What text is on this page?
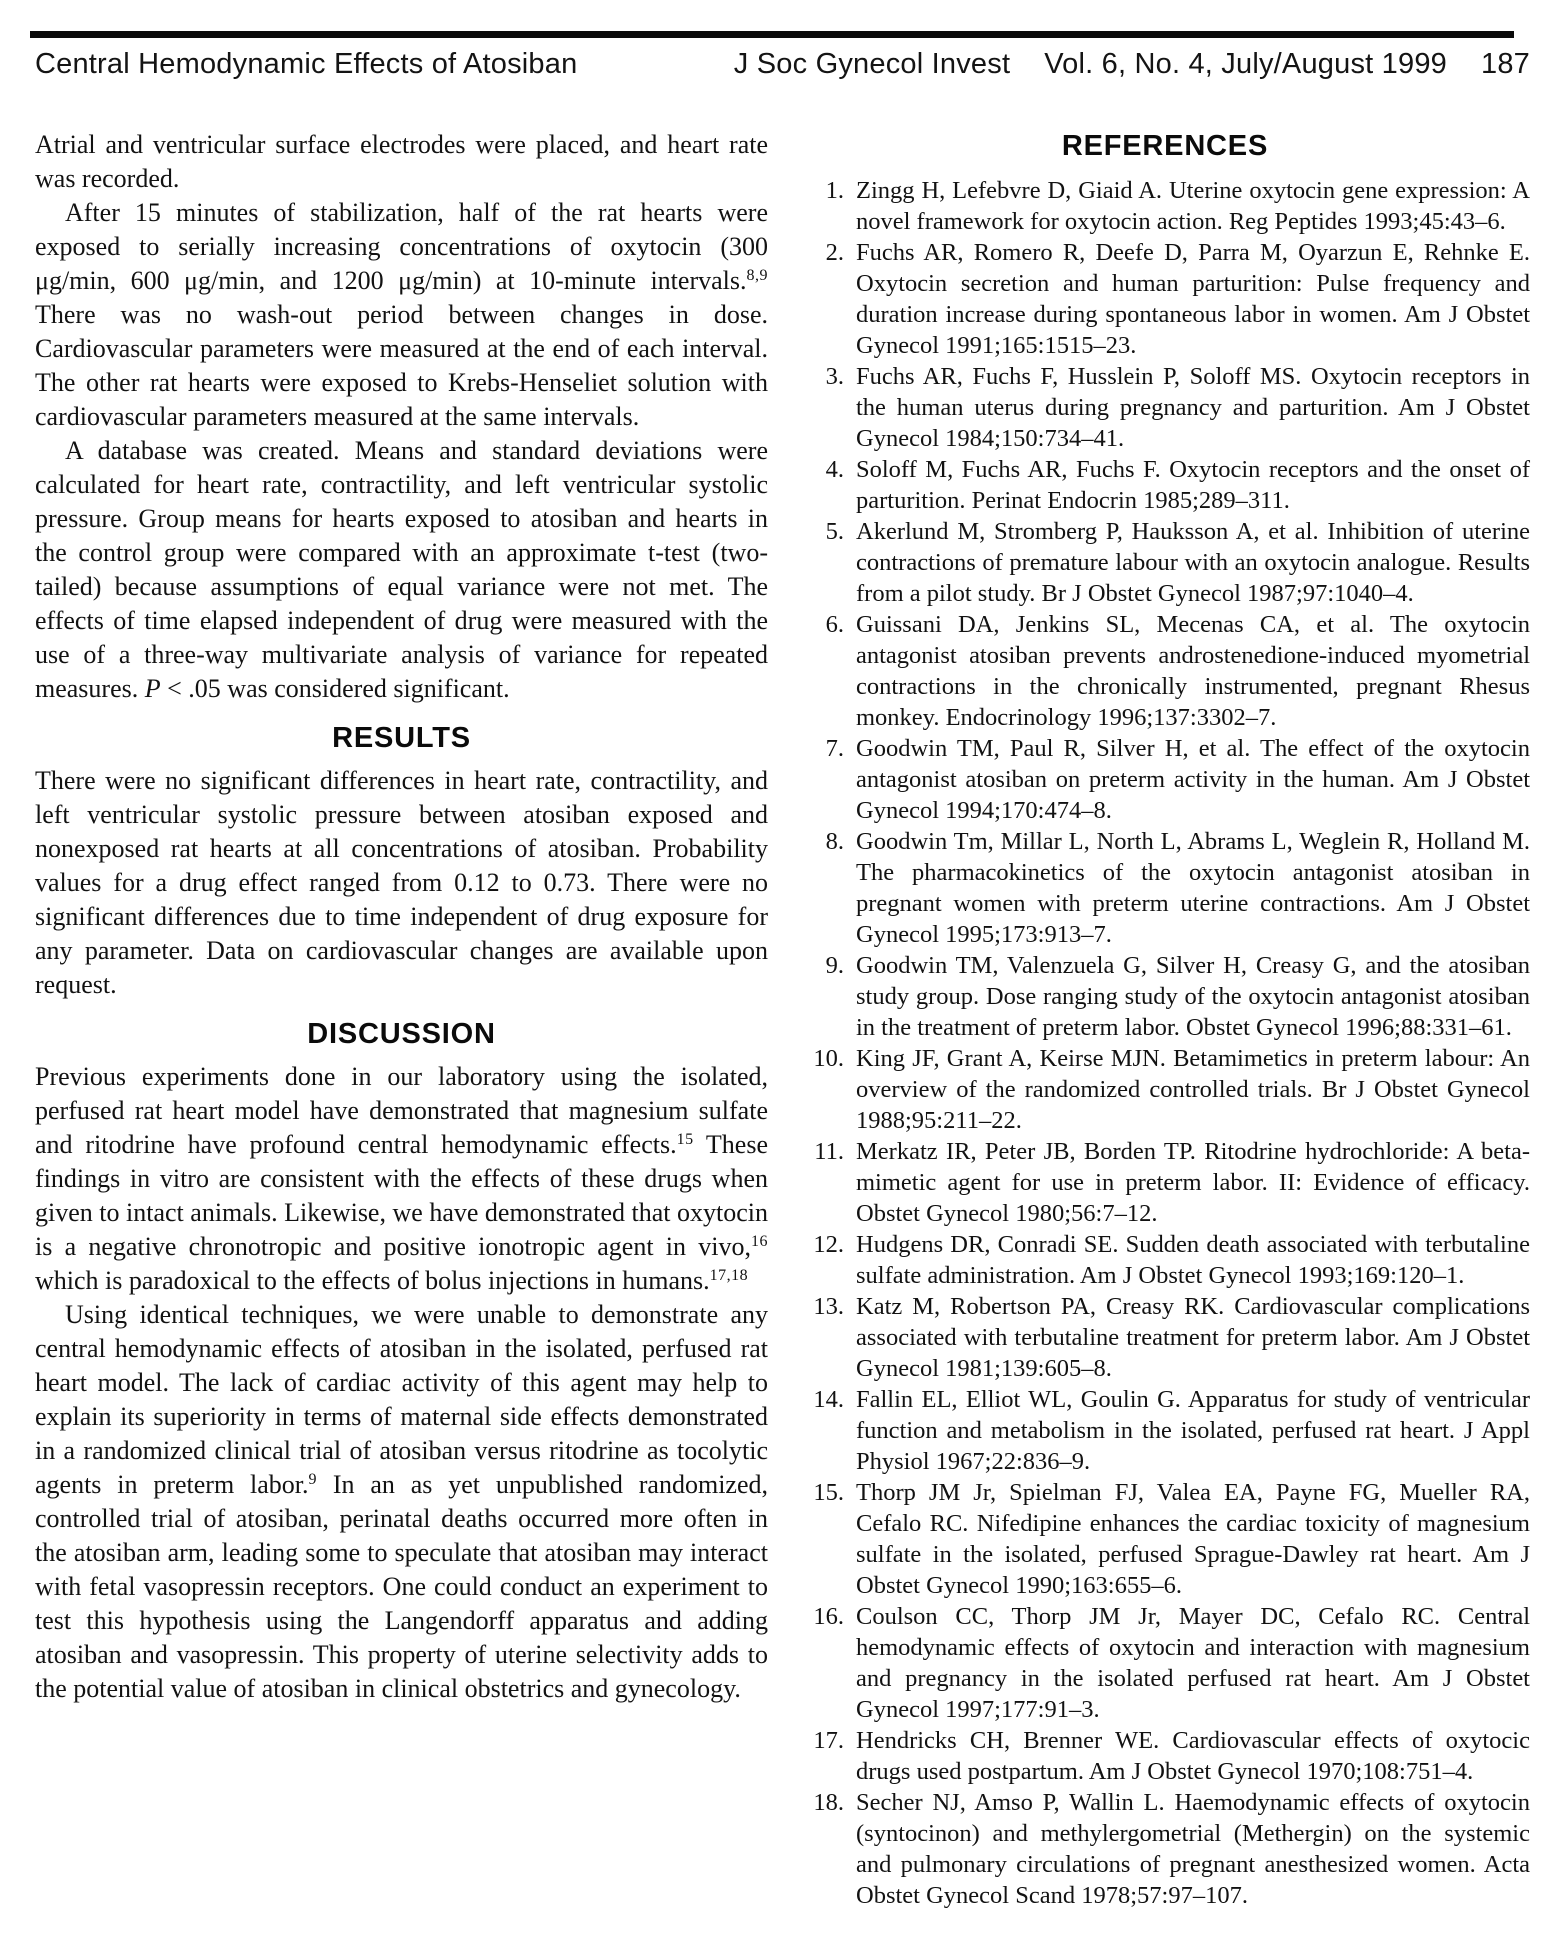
Central Hemodynamic Effects of Atosiban	J Soc Gynecol Invest Vol. 6, No. 4, July/August 1999 187

Atrial and ventricular surface electrodes were placed, and heart rate was recorded.

After 15 minutes of stabilization, half of the rat hearts were exposed to serially increasing concentrations of oxytocin (300 μg/min, 600 μg/min, and 1200 μg/min) at 10-minute intervals.$^{8,9}$ There was no wash-out period between changes in dose. Cardiovascular parameters were measured at the end of each interval. The other rat hearts were exposed to Krebs-Henseliet solution with cardiovascular parameters measured at the same intervals.

A database was created. Means and standard deviations were calculated for heart rate, contractility, and left ventricular systolic pressure. Group means for hearts exposed to atosiban and hearts in the control group were compared with an approximate t-test (two-tailed) because assumptions of equal variance were not met. The effects of time elapsed independent of drug were measured with the use of a three-way multivariate analysis of variance for repeated measures. P < .05 was considered significant.

RESULTS

There were no significant differences in heart rate, contractility, and left ventricular systolic pressure between atosiban exposed and nonexposed rat hearts at all concentrations of atosiban. Probability values for a drug effect ranged from 0.12 to 0.73. There were no significant differences due to time independent of drug exposure for any parameter. Data on cardiovascular changes are available upon request.

DISCUSSION

Previous experiments done in our laboratory using the isolated, perfused rat heart model have demonstrated that magnesium sulfate and ritodrine have profound central hemodynamic effects.$^{15}$ These findings in vitro are consistent with the effects of these drugs when given to intact animals. Likewise, we have demonstrated that oxytocin is a negative chronotropic and positive ionotropic agent in vivo,$^{16}$ which is paradoxical to the effects of bolus injections in humans.$^{17,18}$

Using identical techniques, we were unable to demonstrate any central hemodynamic effects of atosiban in the isolated, perfused rat heart model. The lack of cardiac activity of this agent may help to explain its superiority in terms of maternal side effects demonstrated in a randomized clinical trial of atosiban versus ritodrine as tocolytic agents in preterm labor.$^9$ In an as yet unpublished randomized, controlled trial of atosiban, perinatal deaths occurred more often in the atosiban arm, leading some to speculate that atosiban may interact with fetal vasopressin receptors. One could conduct an experiment to test this hypothesis using the Langendorff apparatus and adding atosiban and vasopressin. This property of uterine selectivity adds to the potential value of atosiban in clinical obstetrics and gynecology.

REFERENCES
1. Zingg H, Lefebvre D, Giaid A. Uterine oxytocin gene expression: A novel framework for oxytocin action. Reg Peptides 1993;45:43–6.
2. Fuchs AR, Romero R, Deefe D, Parra M, Oyarzun E, Rehnke E. Oxytocin secretion and human parturition: Pulse frequency and duration increase during spontaneous labor in women. Am J Obstet Gynecol 1991;165:1515–23.
3. Fuchs AR, Fuchs F, Husslein P, Soloff MS. Oxytocin receptors in the human uterus during pregnancy and parturition. Am J Obstet Gynecol 1984;150:734–41.
4. Soloff M, Fuchs AR, Fuchs F. Oxytocin receptors and the onset of parturition. Perinat Endocrin 1985;289–311.
5. Akerlund M, Stromberg P, Hauksson A, et al. Inhibition of uterine contractions of premature labour with an oxytocin analogue. Results from a pilot study. Br J Obstet Gynecol 1987;97:1040–4.
6. Guissani DA, Jenkins SL, Mecenas CA, et al. The oxytocin antagonist atosiban prevents androstenedione-induced myometrial contractions in the chronically instrumented, pregnant Rhesus monkey. Endocrinology 1996;137:3302–7.
7. Goodwin TM, Paul R, Silver H, et al. The effect of the oxytocin antagonist atosiban on preterm activity in the human. Am J Obstet Gynecol 1994;170:474–8.
8. Goodwin Tm, Millar L, North L, Abrams L, Weglein R, Holland M. The pharmacokinetics of the oxytocin antagonist atosiban in pregnant women with preterm uterine contractions. Am J Obstet Gynecol 1995;173:913–7.
9. Goodwin TM, Valenzuela G, Silver H, Creasy G, and the atosiban study group. Dose ranging study of the oxytocin antagonist atosiban in the treatment of preterm labor. Obstet Gynecol 1996;88:331–61.
10. King JF, Grant A, Keirse MJN. Betamimetics in preterm labour: An overview of the randomized controlled trials. Br J Obstet Gynecol 1988;95:211–22.
11. Merkatz IR, Peter JB, Borden TP. Ritodrine hydrochloride: A beta-mimetic agent for use in preterm labor. II: Evidence of efficacy. Obstet Gynecol 1980;56:7–12.
12. Hudgens DR, Conradi SE. Sudden death associated with terbutaline sulfate administration. Am J Obstet Gynecol 1993;169:120–1.
13. Katz M, Robertson PA, Creasy RK. Cardiovascular complications associated with terbutaline treatment for preterm labor. Am J Obstet Gynecol 1981;139:605–8.
14. Fallin EL, Elliot WL, Goulin G. Apparatus for study of ventricular function and metabolism in the isolated, perfused rat heart. J Appl Physiol 1967;22:836–9.
15. Thorp JM Jr, Spielman FJ, Valea EA, Payne FG, Mueller RA, Cefalo RC. Nifedipine enhances the cardiac toxicity of magnesium sulfate in the isolated, perfused Sprague-Dawley rat heart. Am J Obstet Gynecol 1990;163:655–6.
16. Coulson CC, Thorp JM Jr, Mayer DC, Cefalo RC. Central hemodynamic effects of oxytocin and interaction with magnesium and pregnancy in the isolated perfused rat heart. Am J Obstet Gynecol 1997;177:91–3.
17. Hendricks CH, Brenner WE. Cardiovascular effects of oxytocic drugs used postpartum. Am J Obstet Gynecol 1970;108:751–4.
18. Secher NJ, Amso P, Wallin L. Haemodynamic effects of oxytocin (syntocinon) and methylergometrial (Methergin) on the systemic and pulmonary circulations of pregnant anesthesized women. Acta Obstet Gynecol Scand 1978;57:97–107.
